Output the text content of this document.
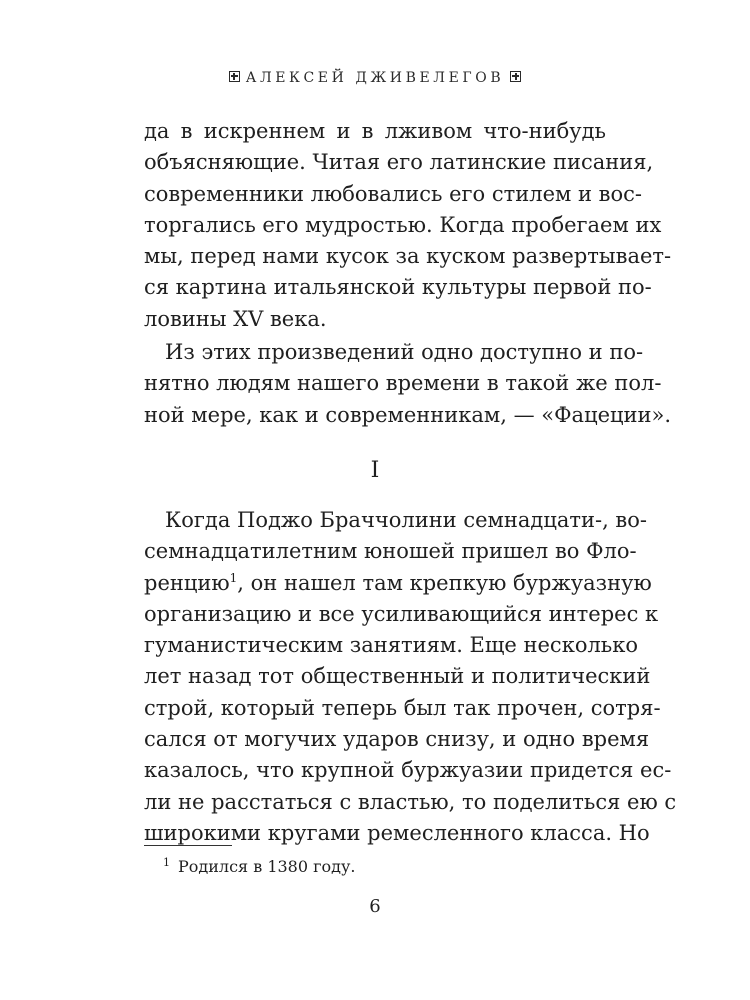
АЛЕКСЕЙ ДЖИВЕЛЕГОВ
да в искреннем и в лживом что-нибудь
объясняющие. Читая его латинские писания,
современники любовались его стилем и вос-
торгались его мудростью. Когда пробегаем их
мы, перед нами кусок за куском развертывает-
ся картина итальянской культуры первой по-
ловины XV века.
Из этих произведений одно доступно и по-
нятно людям нашего времени в такой же пол-
ной мере, как и современникам, — «Фацеции».
I
Когда Поджо Браччолини семнадцати-, во-
семнадцатилетним юношей пришел во Фло-
ренцию$^1$, он нашел там крепкую буржуазную
организацию и все усиливающийся интерес к
гуманистическим занятиям. Еще несколько
лет назад тот общественный и политический
строй, который теперь был так прочен, сотря-
сался от могучих ударов снизу, и одно время
казалось, что крупной буржуазии придется ес-
ли не расстаться с властью, то поделиться ею с
широкими кругами ремесленного класса. Но
$^1$ Родился в 1380 году.
6
